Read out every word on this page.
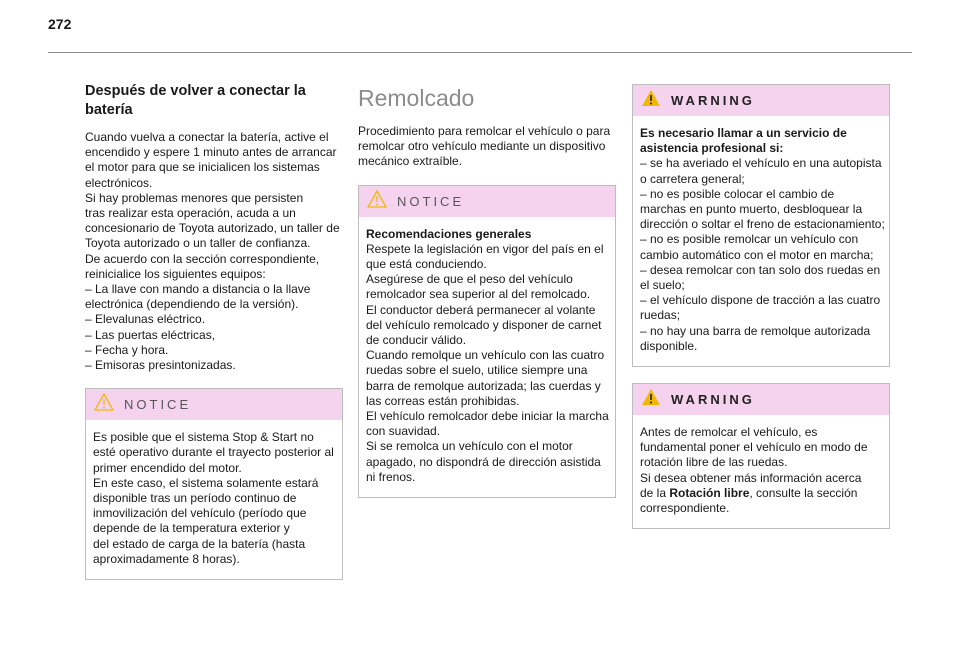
272
Después de volver a conectar la
batería
Cuando vuelva a conectar la batería, active el
encendido y espere 1 minuto antes de arrancar
el motor para que se inicialicen los sistemas
electrónicos.
Si hay problemas menores que persisten
tras realizar esta operación, acuda a un
concesionario de Toyota autorizado, un taller de
Toyota autorizado o un taller de confianza.
De acuerdo con la sección correspondiente,
reinicialice los siguientes equipos:
– La llave con mando a distancia o la llave
electrónica (dependiendo de la versión).
– Elevalunas eléctrico.
– Las puertas eléctricas,
– Fecha y hora.
– Emisoras presintonizadas.
NOTICE
Es posible que el sistema Stop & Start no
esté operativo durante el trayecto posterior al
primer encendido del motor.
En este caso, el sistema solamente estará
disponible tras un período continuo de
inmovilización del vehículo (período que
depende de la temperatura exterior y
del estado de carga de la batería (hasta
aproximadamente 8 horas).
Remolcado
Procedimiento para remolcar el vehículo o para
remolcar otro vehículo mediante un dispositivo
mecánico extraíble.
NOTICE
Recomendaciones generales
Respete la legislación en vigor del país en el
que está conduciendo.
Asegúrese de que el peso del vehículo
remolcador sea superior al del remolcado.
El conductor deberá permanecer al volante
del vehículo remolcado y disponer de carnet
de conducir válido.
Cuando remolque un vehículo con las cuatro
ruedas sobre el suelo, utilice siempre una
barra de remolque autorizada; las cuerdas y
las correas están prohibidas.
El vehículo remolcador debe iniciar la marcha
con suavidad.
Si se remolca un vehículo con el motor
apagado, no dispondrá de dirección asistida
ni frenos.
WARNING
Es necesario llamar a un servicio de
asistencia profesional si:
– se ha averiado el vehículo en una autopista
o carretera general;
– no es posible colocar el cambio de
marchas en punto muerto, desbloquear la
dirección o soltar el freno de estacionamiento;
– no es posible remolcar un vehículo con
cambio automático con el motor en marcha;
– desea remolcar con tan solo dos ruedas en
el suelo;
– el vehículo dispone de tracción a las cuatro
ruedas;
– no hay una barra de remolque autorizada
disponible.
WARNING
Antes de remolcar el vehículo, es
fundamental poner el vehículo en modo de
rotación libre de las ruedas.
Si desea obtener más información acerca
de la Rotación libre, consulte la sección
correspondiente.
